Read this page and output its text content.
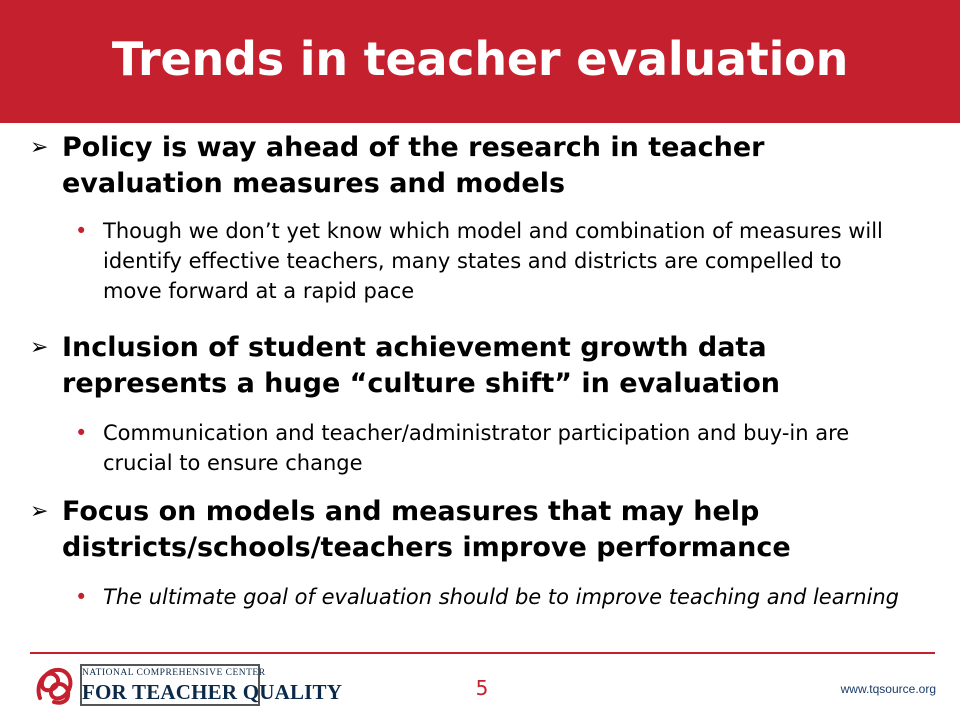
Trends in teacher evaluation
➢ Policy is way ahead of the research in teacher evaluation measures and models
• Though we don’t yet know which model and combination of measures will identify effective teachers, many states and districts are compelled to move forward at a rapid pace
➢ Inclusion of student achievement growth data represents a huge “culture shift” in evaluation
• Communication and teacher/administrator participation and buy-in are crucial to ensure change
➢ Focus on models and measures that may help districts/schools/teachers improve performance
• The ultimate goal of evaluation should be to improve teaching and learning
NATIONAL COMPREHENSIVE CENTER
FOR TEACHER QUALITY	5	www.tqsource.org
